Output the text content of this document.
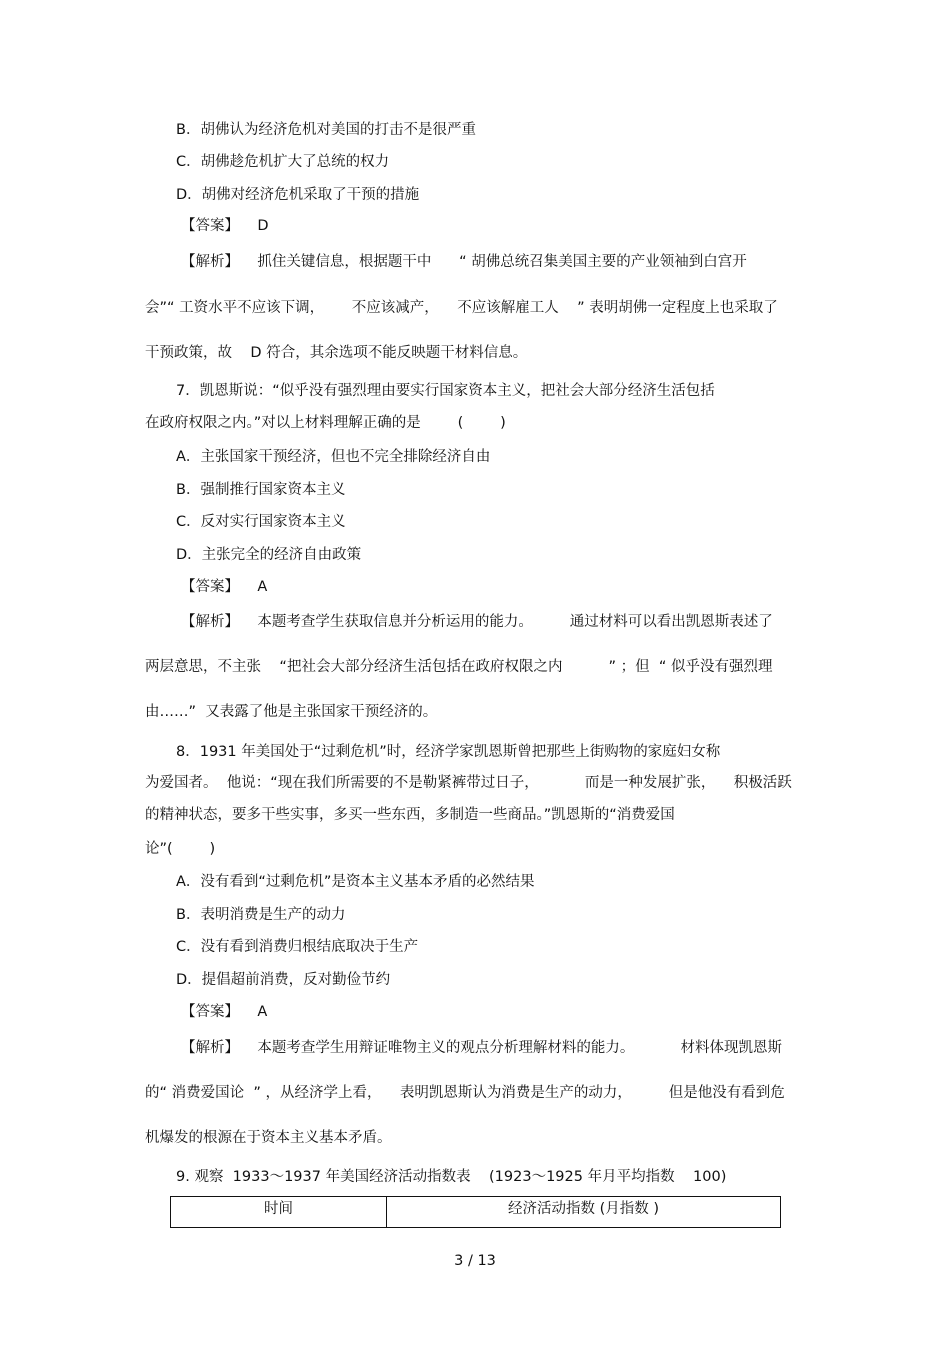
B．胡佛认为经济危机对美国的打击不是很严重
C．胡佛趁危机扩大了总统的权力
D．胡佛对经济危机采取了干预的措施
【答案】    D
【解析】    抓住关键信息，根据题干中      “ 胡佛总统召集美国主要的产业领袖到白宫开
会”“ 工资水平不应该下调，      不应该减产，    不应该解雇工人    ” 表明胡佛一定程度上也采取了
干预政策，故    D 符合，其余选项不能反映题干材料信息。
7．凯恩斯说：“似乎没有强烈理由要实行国家资本主义，把社会大部分经济生活包括
在政府权限之内。”对以上材料理解正确的是        (        )
A．主张国家干预经济，但也不完全排除经济自由
B．强制推行国家资本主义
C．反对实行国家资本主义
D．主张完全的经济自由政策
【答案】    A
【解析】    本题考查学生获取信息并分析运用的能力。        通过材料可以看出凯恩斯表述了
两层意思，不主张    “把社会大部分经济生活包括在政府权限之内          ” ；但  “ 似乎没有强烈理
由……”  又表露了他是主张国家干预经济的。
8．1931 年美国处于“过剩危机”时，经济学家凯恩斯曾把那些上街购物的家庭妇女称
为爱国者。  他说：“现在我们所需要的不是勒紧裤带过日子，          而是一种发展扩张，    积极活跃
的精神状态，要多干些实事，多买一些东西，多制造一些商品。”凯恩斯的“消费爱国
论”(        )
A．没有看到“过剩危机”是资本主义基本矛盾的必然结果
B．表明消费是生产的动力
C．没有看到消费归根结底取决于生产
D．提倡超前消费，反对勤俭节约
【答案】    A
【解析】    本题考查学生用辩证唯物主义的观点分析理解材料的能力。          材料体现凯恩斯
的“ 消费爱国论  ” ，从经济学上看，    表明凯恩斯认为消费是生产的动力，        但是他没有看到危
机爆发的根源在于资本主义基本矛盾。
9. 观察  1933～1937 年美国经济活动指数表    (1923～1925 年月平均指数    100)
时间	经济活动指数 (月指数 )
3 / 13
